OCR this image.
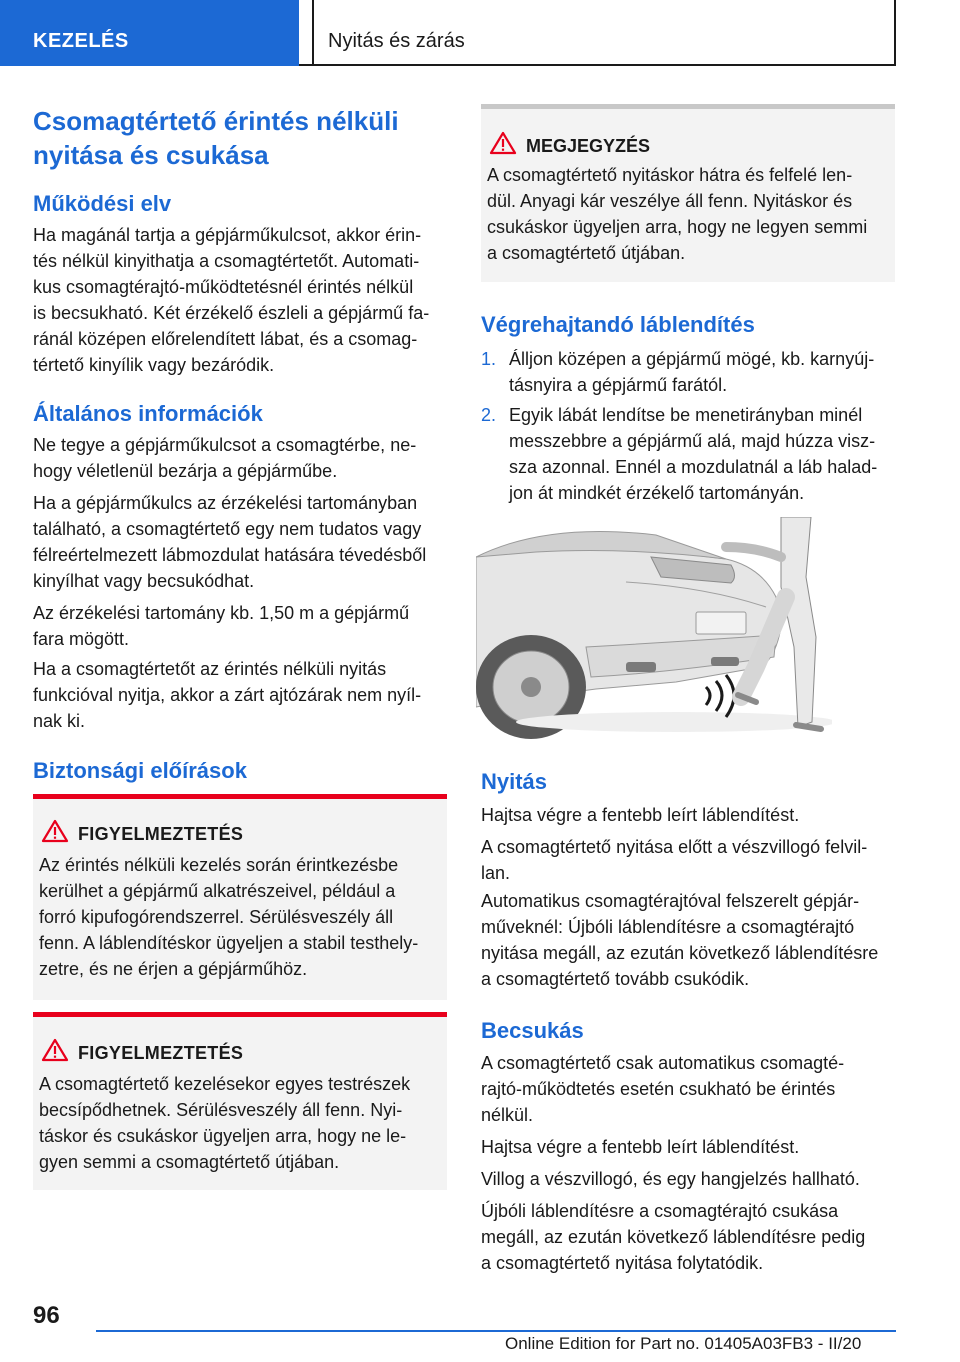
KEZELÉS	Nyitás és zárás
Csomagtértető érintés nélküli
nyitása és csukása
Működési elv
Ha magánál tartja a gépjárműkulcsot, akkor érin-
tés nélkül kinyithatja a csomagtértetőt. Automati-
kus csomagtérajtó-működtetésnél érintés nélkül
is becsukható. Két érzékelő észleli a gépjármű fa-
ránál középen előrelendített lábat, és a csomag-
tértető kinyílik vagy bezáródik.
Általános információk
Ne tegye a gépjárműkulcsot a csomagtérbe, ne-
hogy véletlenül bezárja a gépjárműbe.
Ha a gépjárműkulcs az érzékelési tartományban
található, a csomagtértető egy nem tudatos vagy
félreértelmezett lábmozdulat hatására tévedésből
kinyílhat vagy becsukódhat.
Az érzékelési tartomány kb. 1,50 m a gépjármű
fara mögött.
Ha a csomagtértetőt az érintés nélküli nyitás
funkcióval nyitja, akkor a zárt ajtózárak nem nyíl-
nak ki.
Biztonsági előírások
FIGYELMEZTETÉS
Az érintés nélküli kezelés során érintkezésbe
kerülhet a gépjármű alkatrészeivel, például a
forró kipufogórendszerrel. Sérülésveszély áll
fenn. A láblendítéskor ügyeljen a stabil testhely-
zetre, és ne érjen a gépjárműhöz.
FIGYELMEZTETÉS
A csomagtértető kezelésekor egyes testrészek
becsípődhetnek. Sérülésveszély áll fenn. Nyi-
táskor és csukáskor ügyeljen arra, hogy ne le-
gyen semmi a csomagtértető útjában.
MEGJEGYZÉS
A csomagtértető nyitáskor hátra és felfelé len-
dül. Anyagi kár veszélye áll fenn. Nyitáskor és
csukáskor ügyeljen arra, hogy ne legyen semmi
a csomagtértető útjában.
Végrehajtandó láblendítés
1. Álljon középen a gépjármű mögé, kb. karnyúj-
tásnyira a gépjármű farától.
2. Egyik lábát lendítse be menetirányban minél
messzebbre a gépjármű alá, majd húzza visz-
sza azonnal. Ennél a mozdulatnál a láb halad-
jon át mindkét érzékelő tartományán.
Nyitás
Hajtsa végre a fentebb leírt láblendítést.
A csomagtértető nyitása előtt a vészvillogó felvil-
lan.
Automatikus csomagtérajtóval felszerelt gépjár-
műveknél: Újbóli láblendítésre a csomagtérajtó
nyitása megáll, az ezután következő láblendítésre
a csomagtértető tovább csukódik.
Becsukás
A csomagtértető csak automatikus csomagté-
rajtó-működtetés esetén csukható be érintés
nélkül.
Hajtsa végre a fentebb leírt láblendítést.
Villog a vészvillogó, és egy hangjelzés hallható.
Újbóli láblendítésre a csomagtérajtó csukása
megáll, az ezután következő láblendítésre pedig
a csomagtértető nyitása folytatódik.
96
Online Edition for Part no. 01405A03FB3 - II/20
